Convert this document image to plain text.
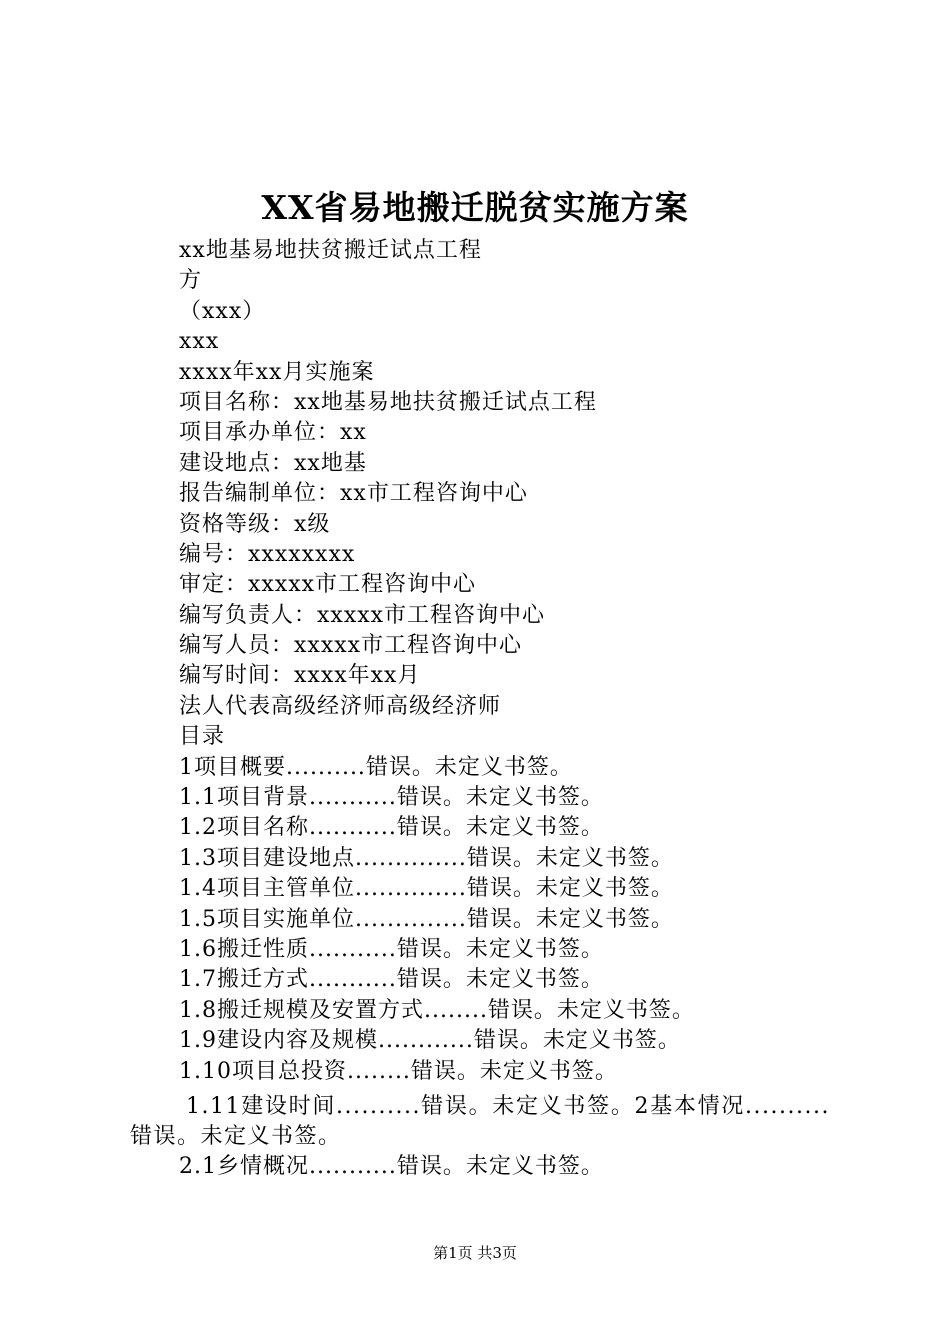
XX省易地搬迁脱贫实施方案
xx地基易地扶贫搬迁试点工程
方
（xxx）
xxx
xxxx年xx月实施案
项目名称：xx地基易地扶贫搬迁试点工程
项目承办单位：xx
建设地点：xx地基
报告编制单位：xx市工程咨询中心
资格等级：x级
编号：xxxxxxxx
审定：xxxxx市工程咨询中心
编写负责人：xxxxx市工程咨询中心
编写人员：xxxxx市工程咨询中心
编写时间：xxxx年xx月
法人代表高级经济师高级经济师
目录
1项目概要..........错误。未定义书签。
1.1项目背景...........错误。未定义书签。
1.2项目名称...........错误。未定义书签。
1.3项目建设地点..............错误。未定义书签。
1.4项目主管单位..............错误。未定义书签。
1.5项目实施单位..............错误。未定义书签。
1.6搬迁性质...........错误。未定义书签。
1.7搬迁方式...........错误。未定义书签。
1.8搬迁规模及安置方式........错误。未定义书签。
1.9建设内容及规模............错误。未定义书签。
1.10项目总投资........错误。未定义书签。
1.11建设时间..........错误。未定义书签。2基本情况..........错误。未定义书签。
2.1乡情概况...........错误。未定义书签。
第1页 共3页
